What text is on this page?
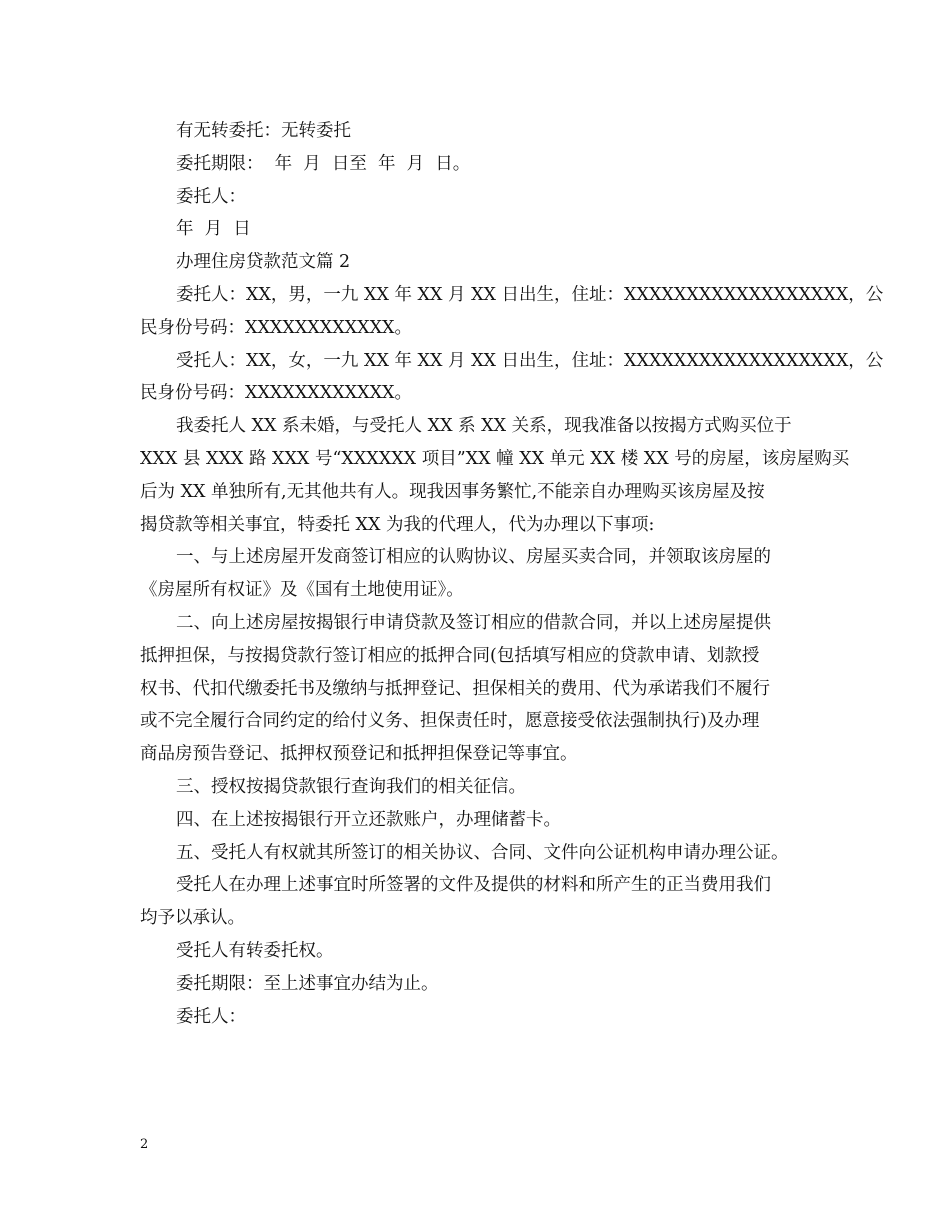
有无转委托：无转委托
委托期限：  年  月  日至  年  月  日。
委托人：
年  月  日
办理住房贷款范文篇 2
委托人：XX，男，一九 XX 年 XX 月 XX 日出生，住址：XXXXXXXXXXXXXXXXXX，公
民身份号码：XXXXXXXXXXXX。
受托人：XX，女，一九 XX 年 XX 月 XX 日出生，住址：XXXXXXXXXXXXXXXXXX，公
民身份号码：XXXXXXXXXXXX。
我委托人 XX 系未婚，与受托人 XX 系 XX 关系，现我准备以按揭方式购买位于
XXX 县 XXX 路 XXX 号“XXXXXX 项目”XX 幢 XX 单元 XX 楼 XX 号的房屋，该房屋购买
后为 XX 单独所有,无其他共有人。现我因事务繁忙,不能亲自办理购买该房屋及按
揭贷款等相关事宜，特委托 XX 为我的代理人，代为办理以下事项:
一、与上述房屋开发商签订相应的认购协议、房屋买卖合同，并领取该房屋的
《房屋所有权证》及《国有土地使用证》。
二、向上述房屋按揭银行申请贷款及签订相应的借款合同，并以上述房屋提供
抵押担保，与按揭贷款行签订相应的抵押合同(包括填写相应的贷款申请、划款授
权书、代扣代缴委托书及缴纳与抵押登记、担保相关的费用、代为承诺我们不履行
或不完全履行合同约定的给付义务、担保责任时，愿意接受依法强制执行)及办理
商品房预告登记、抵押权预登记和抵押担保登记等事宜。
三、授权按揭贷款银行查询我们的相关征信。
四、在上述按揭银行开立还款账户，办理储蓄卡。
五、受托人有权就其所签订的相关协议、合同、文件向公证机构申请办理公证。
受托人在办理上述事宜时所签署的文件及提供的材料和所产生的正当费用我们
均予以承认。
受托人有转委托权。
委托期限：至上述事宜办结为止。
委托人：
2
